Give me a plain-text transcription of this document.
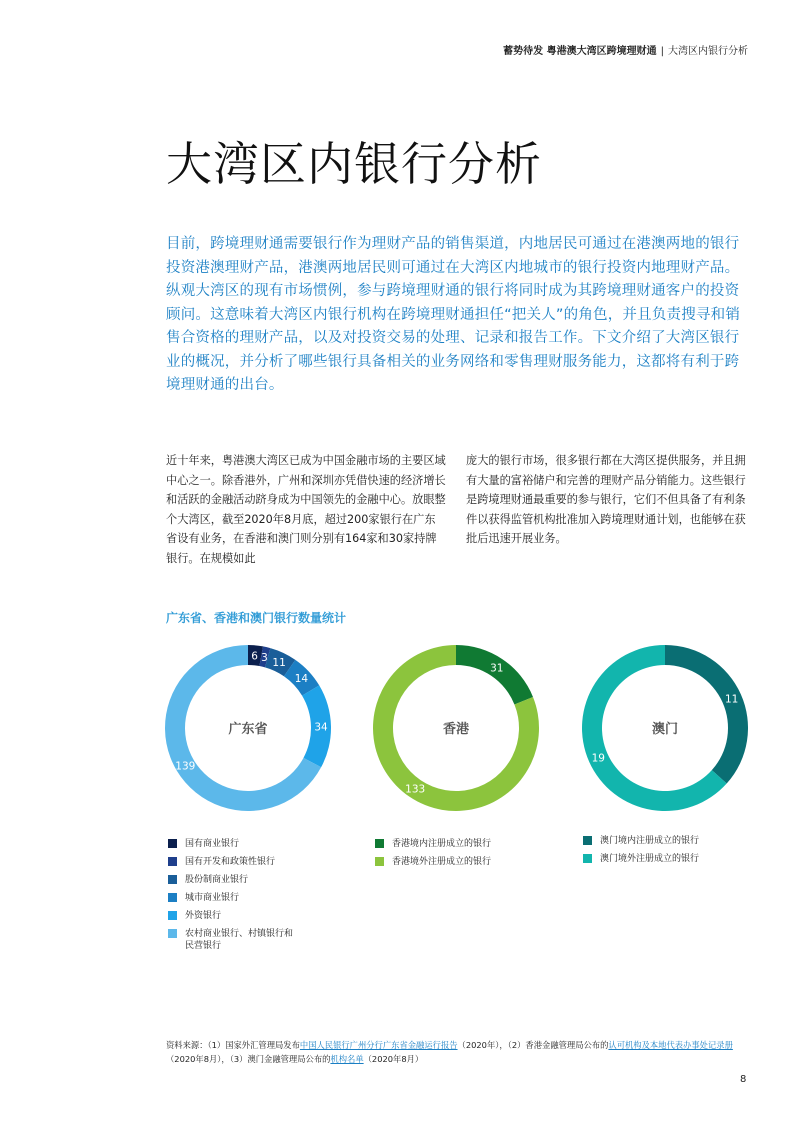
蓄势待发 粤港澳大湾区跨境理财通 | 大湾区内银行分析
大湾区内银行分析

目前，跨境理财通需要银行作为理财产品的销售渠道，内地居民可通过在港澳两地的银行投资港澳理财产品，港澳两地居民则可通过在大湾区内地城市的银行投资内地理财产品。纵观大湾区的现有市场惯例，参与跨境理财通的银行将同时成为其跨境理财通客户的投资顾问。这意味着大湾区内银行机构在跨境理财通担任“把关人”的角色，并且负责搜寻和销售合资格的理财产品，以及对投资交易的处理、记录和报告工作。下文介绍了大湾区银行业的概况，并分析了哪些银行具备相关的业务网络和零售理财服务能力，这都将有利于跨境理财通的出台。

近十年来，粤港澳大湾区已成为中国金融市场的主要区域中心之一。除香港外，广州和深圳亦凭借快速的经济增长和活跃的金融活动跻身成为中国领先的金融中心。放眼整个大湾区，截至2020年8月底，超过200家银行在广东省设有业务，在香港和澳门则分别有164家和30家持牌银行。在规模如此

庞大的银行市场，很多银行都在大湾区提供服务，并且拥有大量的富裕储户和完善的理财产品分销能力。这些银行是跨境理财通最重要的参与银行，它们不但具备了有利条件以获得监管机构批准加入跨境理财通计划，也能够在获批后迅速开展业务。

广东省、香港和澳门银行数量统计
6 3 11
14
34
139
广东省
31
133
香港
11
19
澳门
国有商业银行
国有开发和政策性银行
股份制商业银行
城市商业银行
外资银行
农村商业银行、村镇银行和民营银行
香港境内注册成立的银行
香港境外注册成立的银行
澳门境内注册成立的银行
澳门境外注册成立的银行

资料来源：（1）国家外汇管理局发布中国人民银行广州分行广东省金融运行报告（2020年），（2）香港金融管理局公布的认可机构及本地代表办事处记录册（2020年8月），（3）澳门金融管理局公布的机构名单（2020年8月）

8
